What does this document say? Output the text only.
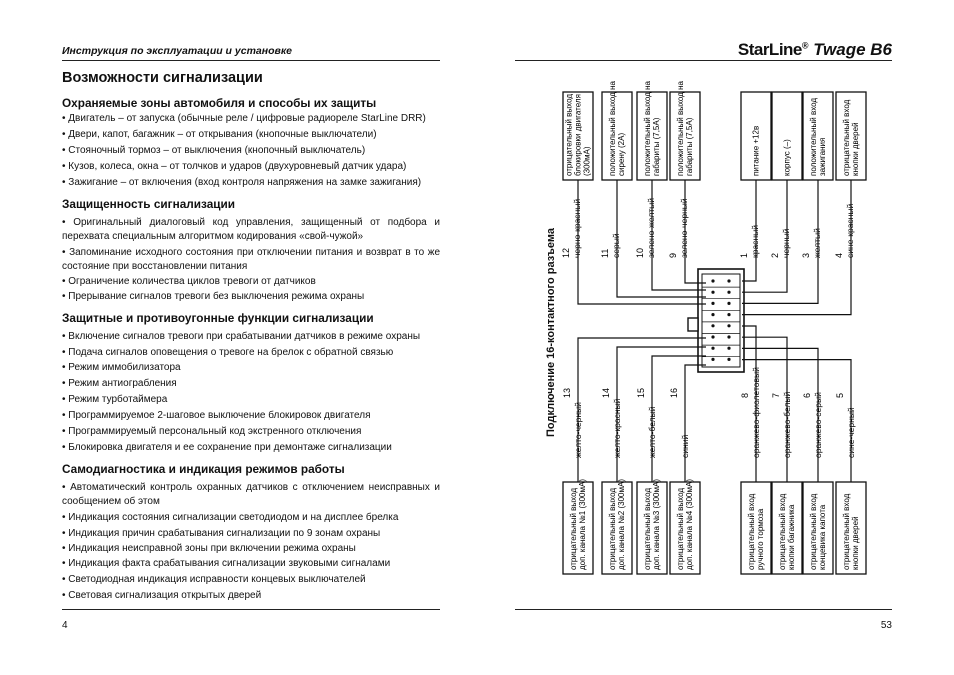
Инструкция по эксплуатации и установке
Возможности сигнализации
Охраняемые зоны автомобиля и способы их защиты
• Двигатель – от запуска (обычные реле / цифровые радиореле StarLine DRR)
• Двери, капот, багажник – от открывания (кнопочные выключатели)
• Стояночный тормоз – от выключения (кнопочный выключатель)
• Кузов, колеса, окна – от толчков и ударов (двухуровневый датчик удара)
• Зажигание – от включения (вход контроля напряжения на замке зажигания)
Защищенность сигнализации
• Оригинальный диалоговый код управления, защищенный от подбора и перехвата специальным алгоритмом кодирования «свой-чужой»
• Запоминание исходного состояния при отключении питания и возврат в то же состояние при восстановлении питания
• Ограничение количества циклов тревоги от датчиков
• Прерывание сигналов тревоги без выключения режима охраны
Защитные и противоугонные функции сигнализации
• Включение сигналов тревоги при срабатывании датчиков в режиме охраны
• Подача сигналов оповещения о тревоге на брелок с обратной связью
• Режим иммобилизатора
• Режим антиограбления
• Режим турботаймера
• Программируемое 2-шаговое выключение блокировок двигателя
• Программируемый персональный код экстренного отключения
• Блокировка двигателя и ее сохранение при демонтаже сигнализации
Самодиагностика и индикация режимов работы
• Автоматический контроль охранных датчиков с отключением неисправных и сообщением об этом
• Индикация состояния сигнализации светодиодом и на дисплее брелка
• Индикация причин срабатывания сигнализации по 9 зонам охраны
• Индикация неисправной зоны при включении режима охраны
• Индикация факта срабатывания сигнализации звуковыми сигналами
• Светодиодная индикация исправности концевых выключателей
• Световая сигнализация открытых дверей
4
StarLine® Twage B6
53
Подключение 16-контактного разъема
отрицательный выход блокировки двигателя (300мА)
черно-красный
12
положительный выход на сирену (2А)
серый
11
положительный выход на габариты (7,5А)
зелено-желтый
10
положительный выход на габариты (7,5А)
зелено-черный
9
питание +12в
красный
1
корпус (–)
черный
2
положительный вход зажигания
желтый
3
отрицательный вход кнопки дверей
сине-красный
4
отрицательный выход доп. канала №1 (300мА)
желто-черный
13
отрицательный выход доп. канала №2 (300мА)
желто-красный
14
отрицательный выход доп. канала №3 (300мА)
желто-белый
15
отрицательный выход доп. канала №4 (300мА)
синий
16
отрицательный вход ручного тормоза
оранжево-фиолетовый
8
отрицательный вход кнопки багажника
оранжево-белый
7
отрицательный вход концевика капота
оранжево-серый
6
отрицательный вход кнопки дверей
сине-черный
5
